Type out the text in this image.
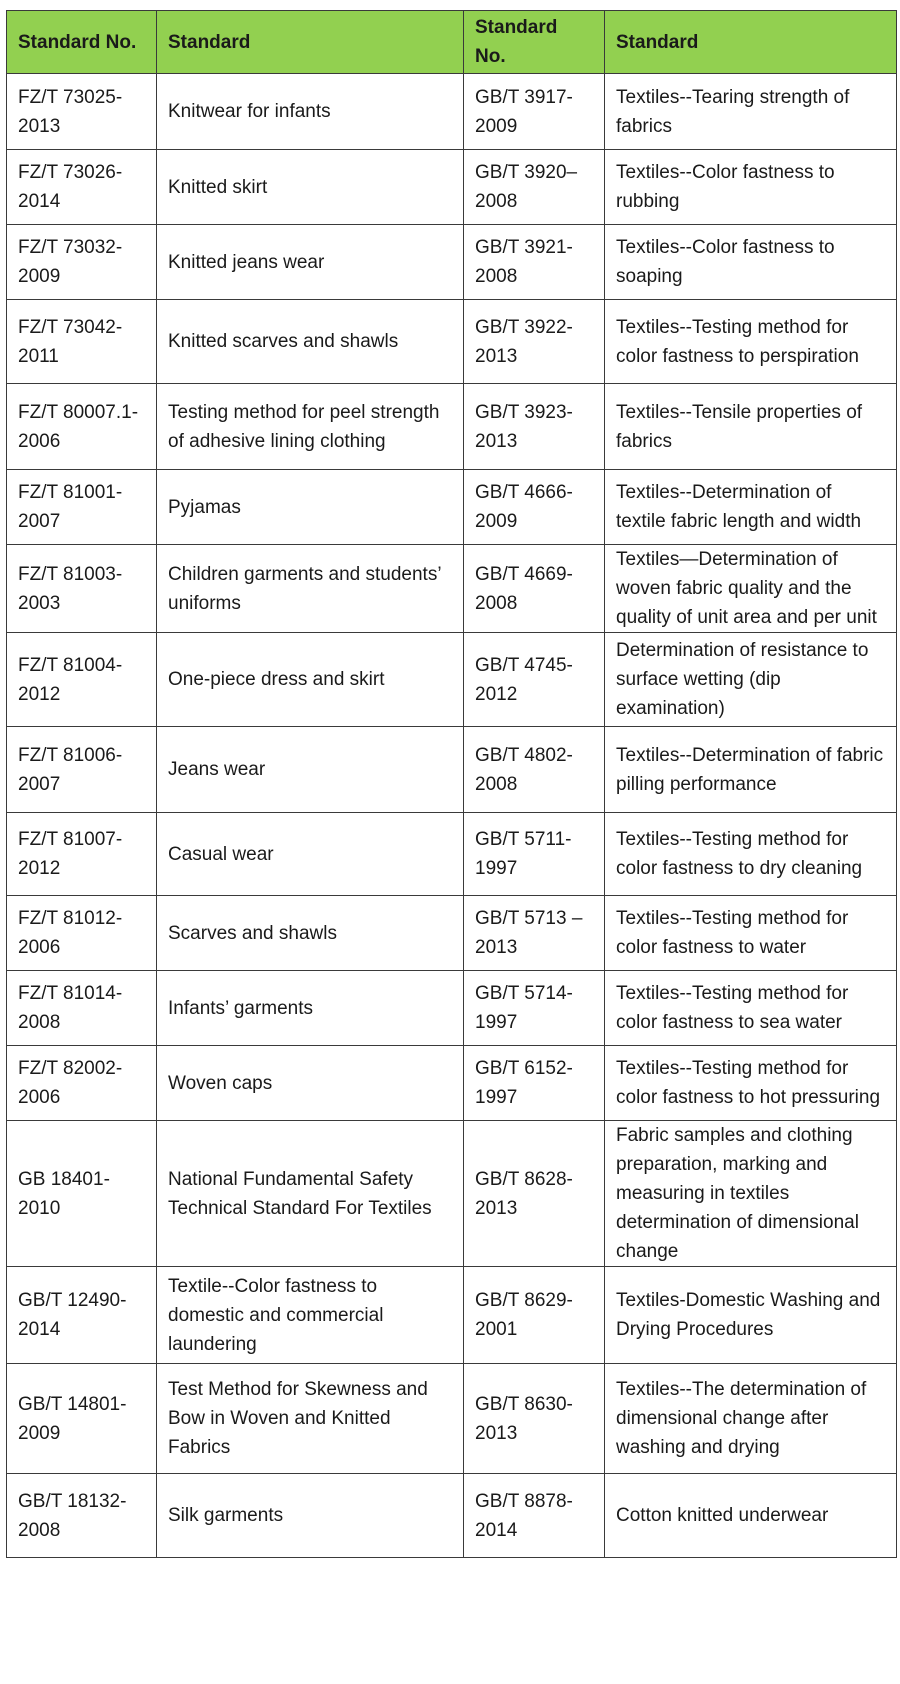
Standard No.	Standard	Standard No.	Standard
FZ/T 73025-2013	Knitwear for infants	GB/T 3917-2009	Textiles--Tearing strength of fabrics
FZ/T 73026-2014	Knitted skirt	GB/T 3920–2008	Textiles--Color fastness to rubbing
FZ/T 73032-2009	Knitted jeans wear	GB/T 3921-2008	Textiles--Color fastness to soaping
FZ/T 73042-2011	Knitted scarves and shawls	GB/T 3922-2013	Textiles--Testing method for color fastness to perspiration
FZ/T 80007.1-2006	Testing method for peel strength of adhesive lining clothing	GB/T 3923-2013	Textiles--Tensile properties of fabrics
FZ/T 81001-2007	Pyjamas	GB/T 4666-2009	Textiles--Determination of textile fabric length and width
FZ/T 81003-2003	Children garments and students’ uniforms	GB/T 4669-2008	Textiles—Determination of woven fabric quality and the quality of unit area and per unit
FZ/T 81004-2012	One-piece dress and skirt	GB/T 4745-2012	Determination of resistance to surface wetting (dip examination)
FZ/T 81006-2007	Jeans wear	GB/T 4802-2008	Textiles--Determination of fabric pilling performance
FZ/T 81007-2012	Casual wear	GB/T 5711-1997	Textiles--Testing method for color fastness to dry cleaning
FZ/T 81012-2006	Scarves and shawls	GB/T 5713 –2013	Textiles--Testing method for color fastness to water
FZ/T 81014-2008	Infants’ garments	GB/T 5714-1997	Textiles--Testing method for color fastness to sea water
FZ/T 82002-2006	Woven caps	GB/T 6152-1997	Textiles--Testing method for color fastness to hot pressuring
GB 18401-2010	National Fundamental Safety Technical Standard For Textiles	GB/T 8628-2013	Fabric samples and clothing preparation, marking and measuring in textiles determination of dimensional change
GB/T 12490-2014	Textile--Color fastness to domestic and commercial laundering	GB/T 8629-2001	Textiles-Domestic Washing and Drying Procedures
GB/T 14801-2009	Test Method for Skewness and Bow in Woven and Knitted Fabrics	GB/T 8630-2013	Textiles--The determination of dimensional change after washing and drying
GB/T 18132-2008	Silk garments	GB/T 8878-2014	Cotton knitted underwear
